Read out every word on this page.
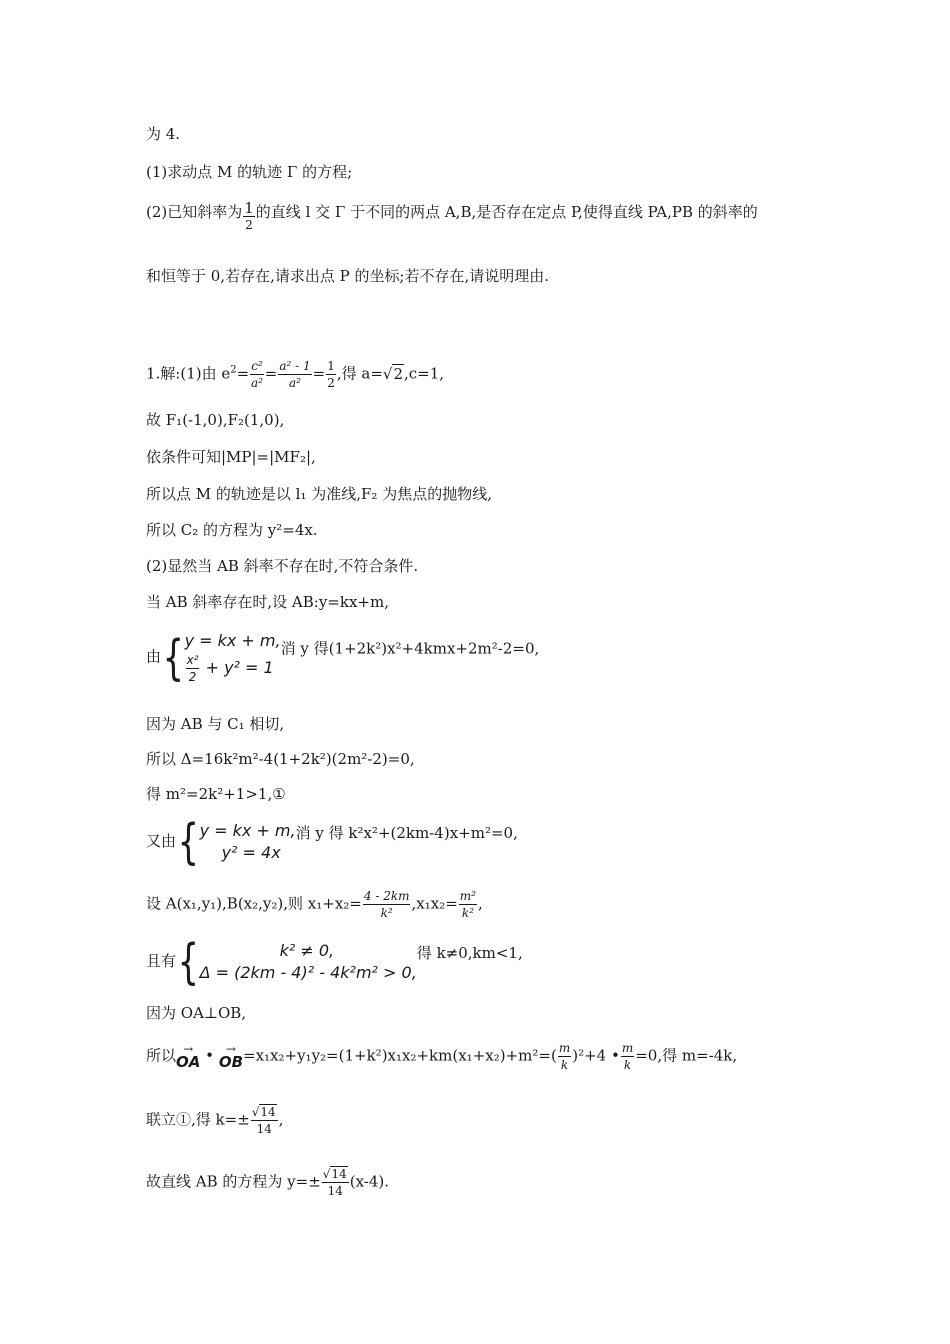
为 4.
(1)求动点 M 的轨迹 Γ 的方程;
(2)已知斜率为 $\frac{1}{2}$ 的直线 l 交 Γ 于不同的两点 A,B,是否存在定点 P,使得直线 PA,PB 的斜率的
和恒等于 0,若存在,请求出点 P 的坐标;若不存在,请说明理由.
1.解:(1)由 $e^2= \frac{\text{c²}}{\text{a²}} = \frac{\text{a² - 1}}{\text{a²}} = \frac{1}{2}$ ,得 a=√2,c=1,
故 F₁(-1,0),F₂(1,0),
依条件可知|MP|=|MF₂|,
所以点 M 的轨迹是以 l₁ 为准线,F₂ 为焦点的抛物线,
所以 C₂ 的方程为 y²=4x.
(2)显然当 AB 斜率不存在时,不符合条件.
当 AB 斜率存在时,设 AB:y=kx+m,
由{ y = kx + m,
$\frac{\text{x²}}{2} + y^2 = 1$
消 y 得(1+2k²)x²+4kmx+2m²-2=0,
因为 AB 与 C₁ 相切,
所以 Δ=16k²m²-4(1+2k²)(2m²-2)=0,
得 m²=2k²+1>1,①
又由{ y = kx + m,
y² = 4x
消 y 得 k²x²+(2km-4)x+m²=0,
设 A(x₁,y₁),B(x₂,y₂),则 $x_1+x_2= \frac{4 - 2km}{\text{k²}} ,x_1x_2= \frac{\text{m²}}{\text{k²}}$ ,
且有{	k² ≠ 0,
Δ = (2km - 4)² - 4k²m² > 0,
得 k≠0,km<1,
因为 OA⊥OB,
所以 →
OA • →
OB $=x_1x_2+y_1y_2=(1+k^2)x_1x_2+km(x_1+x_2)+m^2=( \frac{m}{k} )^2+4$ • $\frac{m}{k} =0$,得 m=-4k,
联立①,得 $k=\pm \frac{√14}{14}$ ,
故直线 AB 的方程为 $y=\pm \frac{√14}{14} (x-4)$.
